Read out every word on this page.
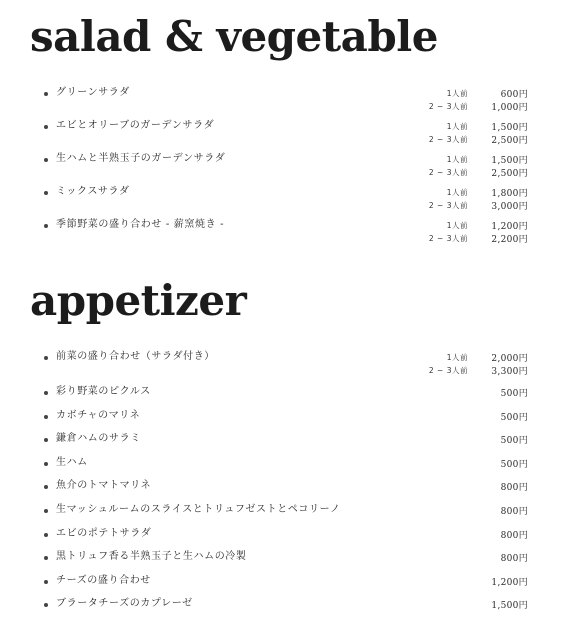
salad & vegetable
グリーンサラダ	1人前	600円
2 ~ 3人前	1,000円
エビとオリーブのガーデンサラダ	1人前	1,500円
2 ~ 3人前	2,500円
生ハムと半熟玉子のガーデンサラダ	1人前	1,500円
2 ~ 3人前	2,500円
ミックスサラダ	1人前	1,800円
2 ~ 3人前	3,000円
季節野菜の盛り合わせ - 薪窯焼き -	1人前	1,200円
2 ~ 3人前	2,200円
appetizer
前菜の盛り合わせ（サラダ付き）	1人前	2,000円
2 ~ 3人前	3,300円
彩り野菜のピクルス	500円
カボチャのマリネ	500円
鎌倉ハムのサラミ	500円
生ハム	500円
魚介のトマトマリネ	800円
生マッシュルームのスライスとトリュフゼストとペコリーノ	800円
エビのポテトサラダ	800円
黒トリュフ香る半熟玉子と生ハムの冷製	800円
チーズの盛り合わせ	1,200円
ブラータチーズのカプレーゼ	1,500円
